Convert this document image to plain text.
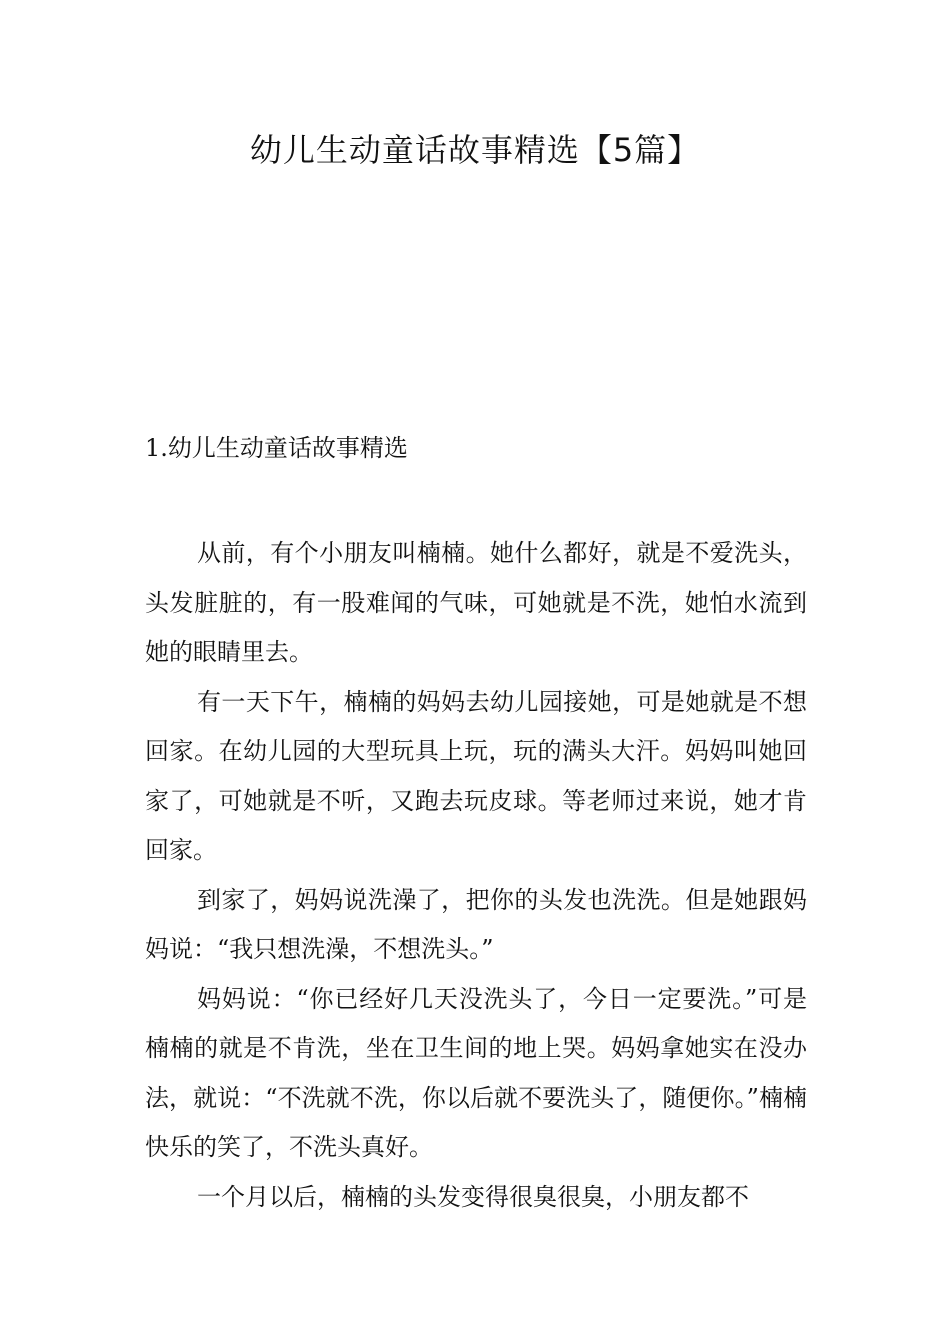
幼儿生动童话故事精选【5篇】
1.幼儿生动童话故事精选

从前，有个小朋友叫楠楠。她什么都好，就是不爱洗头，头发脏脏的，有一股难闻的气味，可她就是不洗，她怕水流到她的眼睛里去。

有一天下午，楠楠的妈妈去幼儿园接她，可是她就是不想回家。在幼儿园的大型玩具上玩，玩的满头大汗。妈妈叫她回家了，可她就是不听，又跑去玩皮球。等老师过来说，她才肯回家。

到家了，妈妈说洗澡了，把你的头发也洗洗。但是她跟妈妈说：“我只想洗澡，不想洗头。”

妈妈说：“你已经好几天没洗头了，今日一定要洗。”可是楠楠的就是不肯洗，坐在卫生间的地上哭。妈妈拿她实在没办法，就说：“不洗就不洗，你以后就不要洗头了，随便你。”楠楠快乐的笑了，不洗头真好。

一个月以后，楠楠的头发变得很臭很臭，小朋友都不
